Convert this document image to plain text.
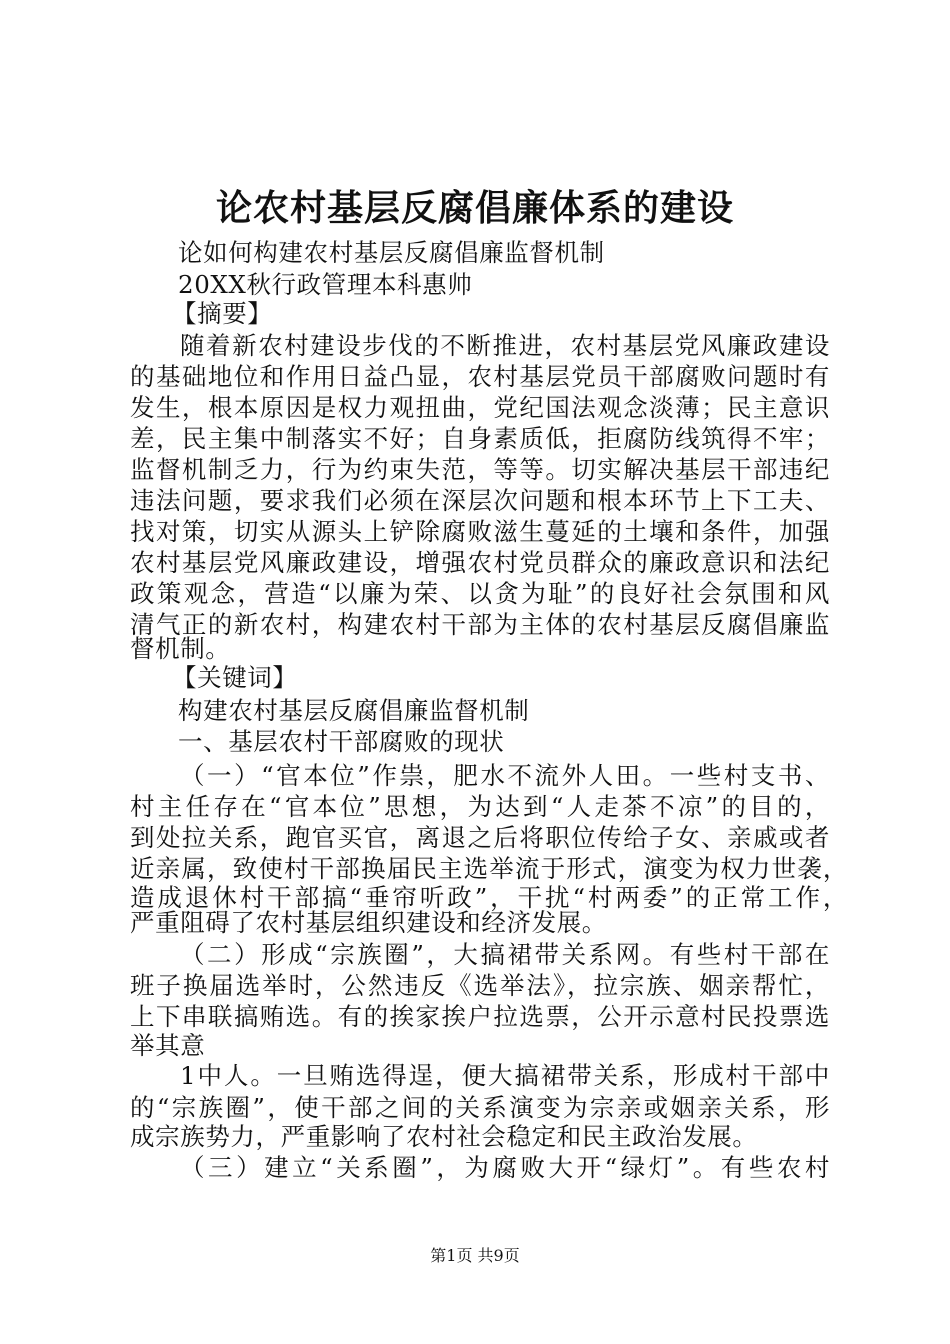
论农村基层反腐倡廉体系的建设
论如何构建农村基层反腐倡廉监督机制
20XX秋行政管理本科惠帅
【摘要】
随着新农村建设步伐的不断推进，农村基层党风廉政建设
的基础地位和作用日益凸显，农村基层党员干部腐败问题时有
发生，根本原因是权力观扭曲，党纪国法观念淡薄；民主意识
差，民主集中制落实不好；自身素质低，拒腐防线筑得不牢；
监督机制乏力，行为约束失范，等等。切实解决基层干部违纪
违法问题，要求我们必须在深层次问题和根本环节上下工夫、
找对策，切实从源头上铲除腐败滋生蔓延的土壤和条件，加强
农村基层党风廉政建设，增强农村党员群众的廉政意识和法纪
政策观念，营造“以廉为荣、以贪为耻”的良好社会氛围和风
清气正的新农村，构建农村干部为主体的农村基层反腐倡廉监
督机制。
【关键词】
构建农村基层反腐倡廉监督机制
一、基层农村干部腐败的现状
（一）“官本位”作祟，肥水不流外人田。一些村支书、
村主任存在“官本位”思想，为达到“人走茶不凉”的目的，
到处拉关系，跑官买官，离退之后将职位传给子女、亲戚或者
近亲属，致使村干部换届民主选举流于形式，演变为权力世袭，
造成退休村干部搞“垂帘听政”，干扰“村两委”的正常工作，
严重阻碍了农村基层组织建设和经济发展。
（二）形成“宗族圈”，大搞裙带关系网。有些村干部在
班子换届选举时，公然违反《选举法》，拉宗族、姻亲帮忙，
上下串联搞贿选。有的挨家挨户拉选票，公开示意村民投票选
举其意
1中人。一旦贿选得逞，便大搞裙带关系，形成村干部中
的“宗族圈”，使干部之间的关系演变为宗亲或姻亲关系，形
成宗族势力，严重影响了农村社会稳定和民主政治发展。
（三）建立“关系圈”，为腐败大开“绿灯”。有些农村
第1页 共9页
